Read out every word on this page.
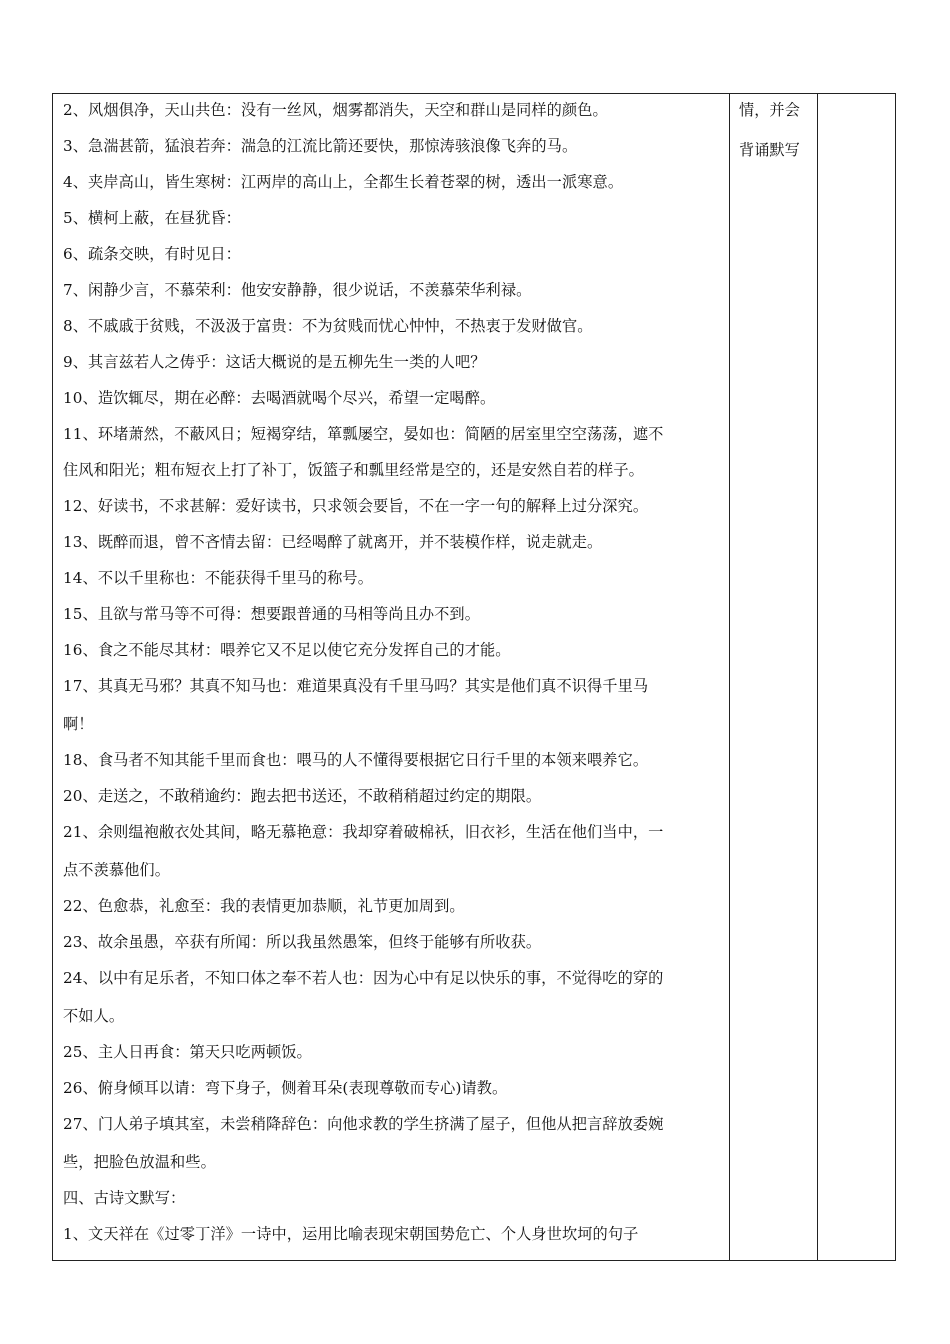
2、风烟俱净，天山共色：没有一丝风，烟雾都消失，天空和群山是同样的颜色。
3、急湍甚箭，猛浪若奔：湍急的江流比箭还要快，那惊涛骇浪像飞奔的马。
4、夹岸高山，皆生寒树：江两岸的高山上，全都生长着苍翠的树，透出一派寒意。
5、横柯上蔽，在昼犹昏：
6、疏条交映，有时见日：
7、闲静少言，不慕荣利：他安安静静，很少说话，不羡慕荣华利禄。
8、不戚戚于贫贱，不汲汲于富贵：不为贫贱而忧心忡忡，不热衷于发财做官。
9、其言兹若人之俦乎：这话大概说的是五柳先生一类的人吧？
10、造饮辄尽，期在必醉：去喝酒就喝个尽兴，希望一定喝醉。
11、环堵萧然，不蔽风日；短褐穿结，箪瓢屡空，晏如也：简陋的居室里空空荡荡，遮不
住风和阳光；粗布短衣上打了补丁，饭篮子和瓢里经常是空的，还是安然自若的样子。
12、好读书，不求甚解：爱好读书，只求领会要旨，不在一字一句的解释上过分深究。
13、既醉而退，曾不吝情去留：已经喝醉了就离开，并不装模作样，说走就走。
14、不以千里称也：不能获得千里马的称号。
15、且欲与常马等不可得：想要跟普通的马相等尚且办不到。
16、食之不能尽其材：喂养它又不足以使它充分发挥自己的才能。
17、其真无马邪？其真不知马也：难道果真没有千里马吗？其实是他们真不识得千里马
啊！
18、食马者不知其能千里而食也：喂马的人不懂得要根据它日行千里的本领来喂养它。
20、走送之，不敢稍逾约：跑去把书送还，不敢稍稍超过约定的期限。
21、余则缊袍敝衣处其间，略无慕艳意：我却穿着破棉袄，旧衣衫，生活在他们当中，一
点不羡慕他们。
22、色愈恭，礼愈至：我的表情更加恭顺，礼节更加周到。
23、故余虽愚，卒获有所闻：所以我虽然愚笨，但终于能够有所收获。
24、以中有足乐者，不知口体之奉不若人也：因为心中有足以快乐的事，不觉得吃的穿的
不如人。
25、主人日再食：第天只吃两顿饭。
26、俯身倾耳以请：弯下身子，侧着耳朵(表现尊敬而专心)请教。
27、门人弟子填其室，未尝稍降辞色：向他求教的学生挤满了屋子，但他从把言辞放委婉
些，把脸色放温和些。
四、古诗文默写：
1、文天祥在《过零丁洋》一诗中，运用比喻表现宋朝国势危亡、个人身世坎坷的句子
情，并会
背诵默写
